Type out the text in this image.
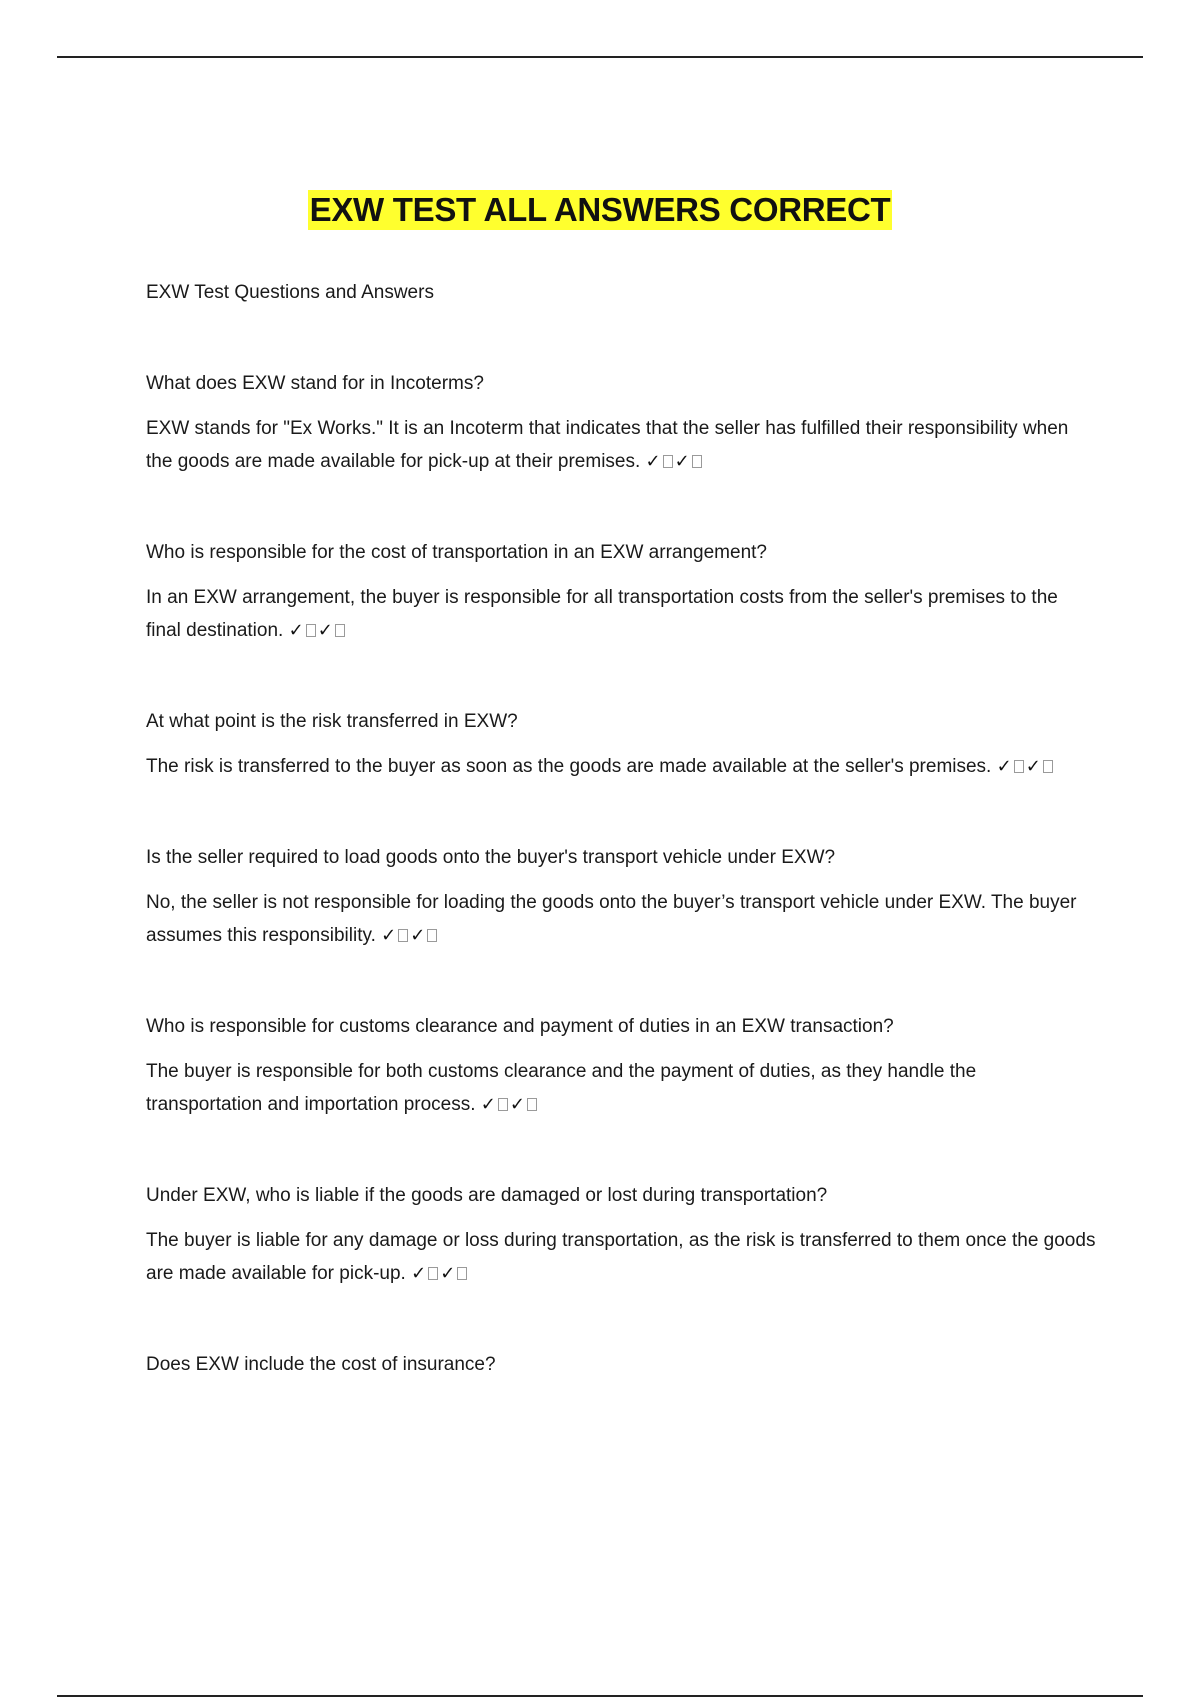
EXW TEST ALL ANSWERS CORRECT

EXW Test Questions and Answers

What does EXW stand for in Incoterms?

EXW stands for "Ex Works." It is an Incoterm that indicates that the seller has fulfilled their responsibility when the goods are made available for pick-up at their premises. ✓ ✓

Who is responsible for the cost of transportation in an EXW arrangement?

In an EXW arrangement, the buyer is responsible for all transportation costs from the seller's premises to the final destination. ✓ ✓

At what point is the risk transferred in EXW?

The risk is transferred to the buyer as soon as the goods are made available at the seller's premises. ✓ ✓

Is the seller required to load goods onto the buyer's transport vehicle under EXW?

No, the seller is not responsible for loading the goods onto the buyer’s transport vehicle under EXW. The buyer assumes this responsibility. ✓ ✓

Who is responsible for customs clearance and payment of duties in an EXW transaction?

The buyer is responsible for both customs clearance and the payment of duties, as they handle the transportation and importation process. ✓ ✓

Under EXW, who is liable if the goods are damaged or lost during transportation?

The buyer is liable for any damage or loss during transportation, as the risk is transferred to them once the goods are made available for pick-up. ✓ ✓

Does EXW include the cost of insurance?
